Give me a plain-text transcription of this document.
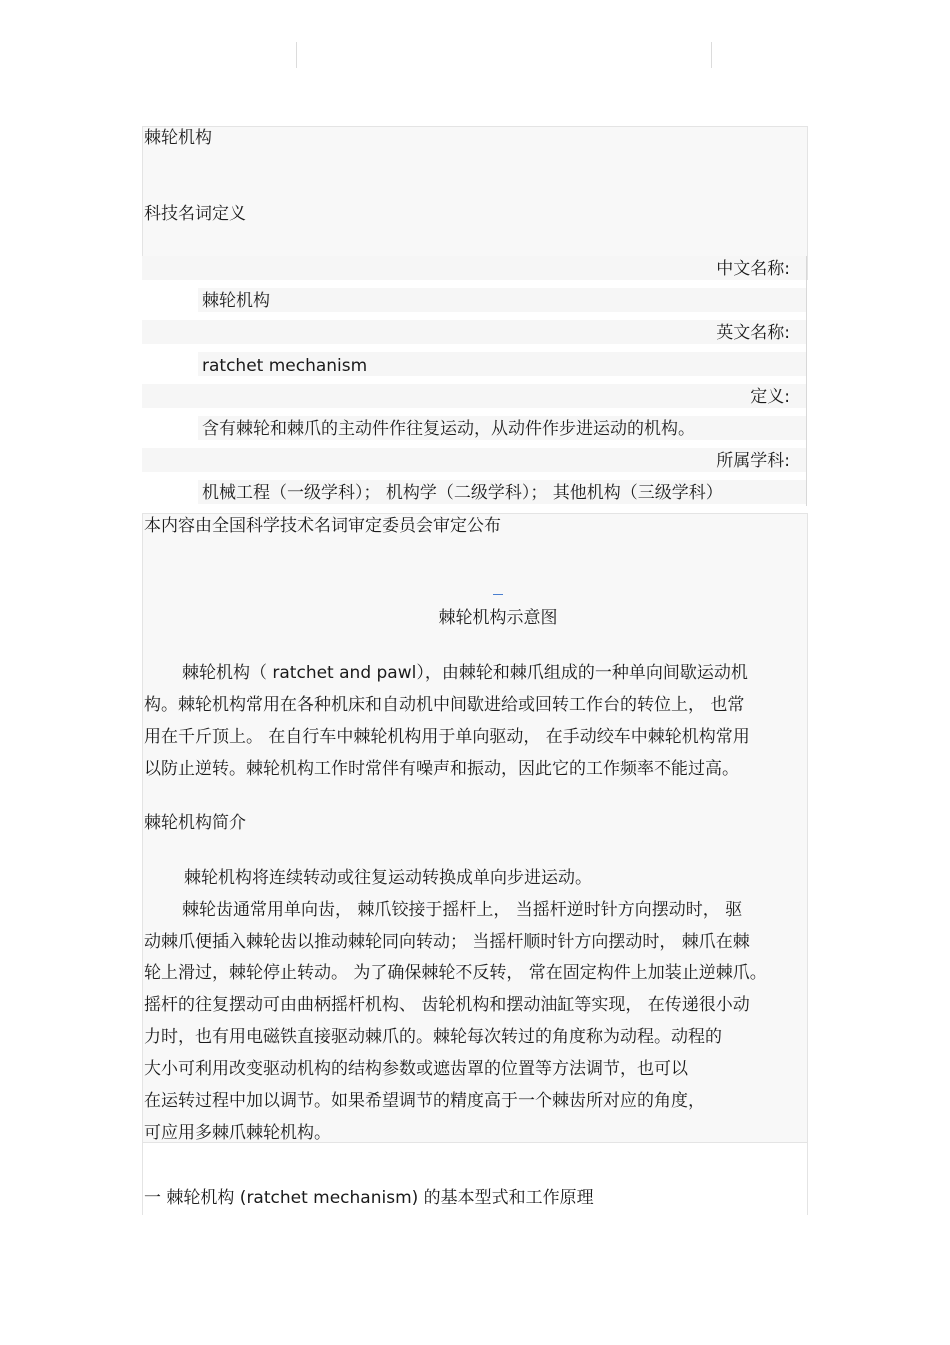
棘轮机构
科技名词定义
中文名称:
棘轮机构
英文名称:
ratchet mechanism
定义:
含有棘轮和棘爪的主动件作往复运动，从动件作步进运动的机构。
所属学科:
机械工程（一级学科）； 机构学（二级学科）； 其他机构（三级学科）
本内容由全国科学技术名词审定委员会审定公布
棘轮机构示意图
棘轮机构（ ratchet and pawl），由棘轮和棘爪组成的一种单向间歇运动机
构。棘轮机构常用在各种机床和自动机中间歇进给或回转工作台的转位上， 也常
用在千斤顶上。 在自行车中棘轮机构用于单向驱动， 在手动绞车中棘轮机构常用
以防止逆转。棘轮机构工作时常伴有噪声和振动，因此它的工作频率不能过高。
棘轮机构简介
棘轮机构将连续转动或往复运动转换成单向步进运动。
棘轮齿通常用单向齿， 棘爪铰接于摇杆上， 当摇杆逆时针方向摆动时， 驱
动棘爪便插入棘轮齿以推动棘轮同向转动； 当摇杆顺时针方向摆动时， 棘爪在棘
轮上滑过，棘轮停止转动。 为了确保棘轮不反转， 常在固定构件上加装止逆棘爪。
摇杆的往复摆动可由曲柄摇杆机构、 齿轮机构和摆动油缸等实现， 在传递很小动
力时，也有用电磁铁直接驱动棘爪的。棘轮每次转过的角度称为动程。动程的
大小可利用改变驱动机构的结构参数或遮齿罩的位置等方法调节，也可以
在运转过程中加以调节。如果希望调节的精度高于一个棘齿所对应的角度，
可应用多棘爪棘轮机构。
一 棘轮机构 (ratchet mechanism) 的基本型式和工作原理
